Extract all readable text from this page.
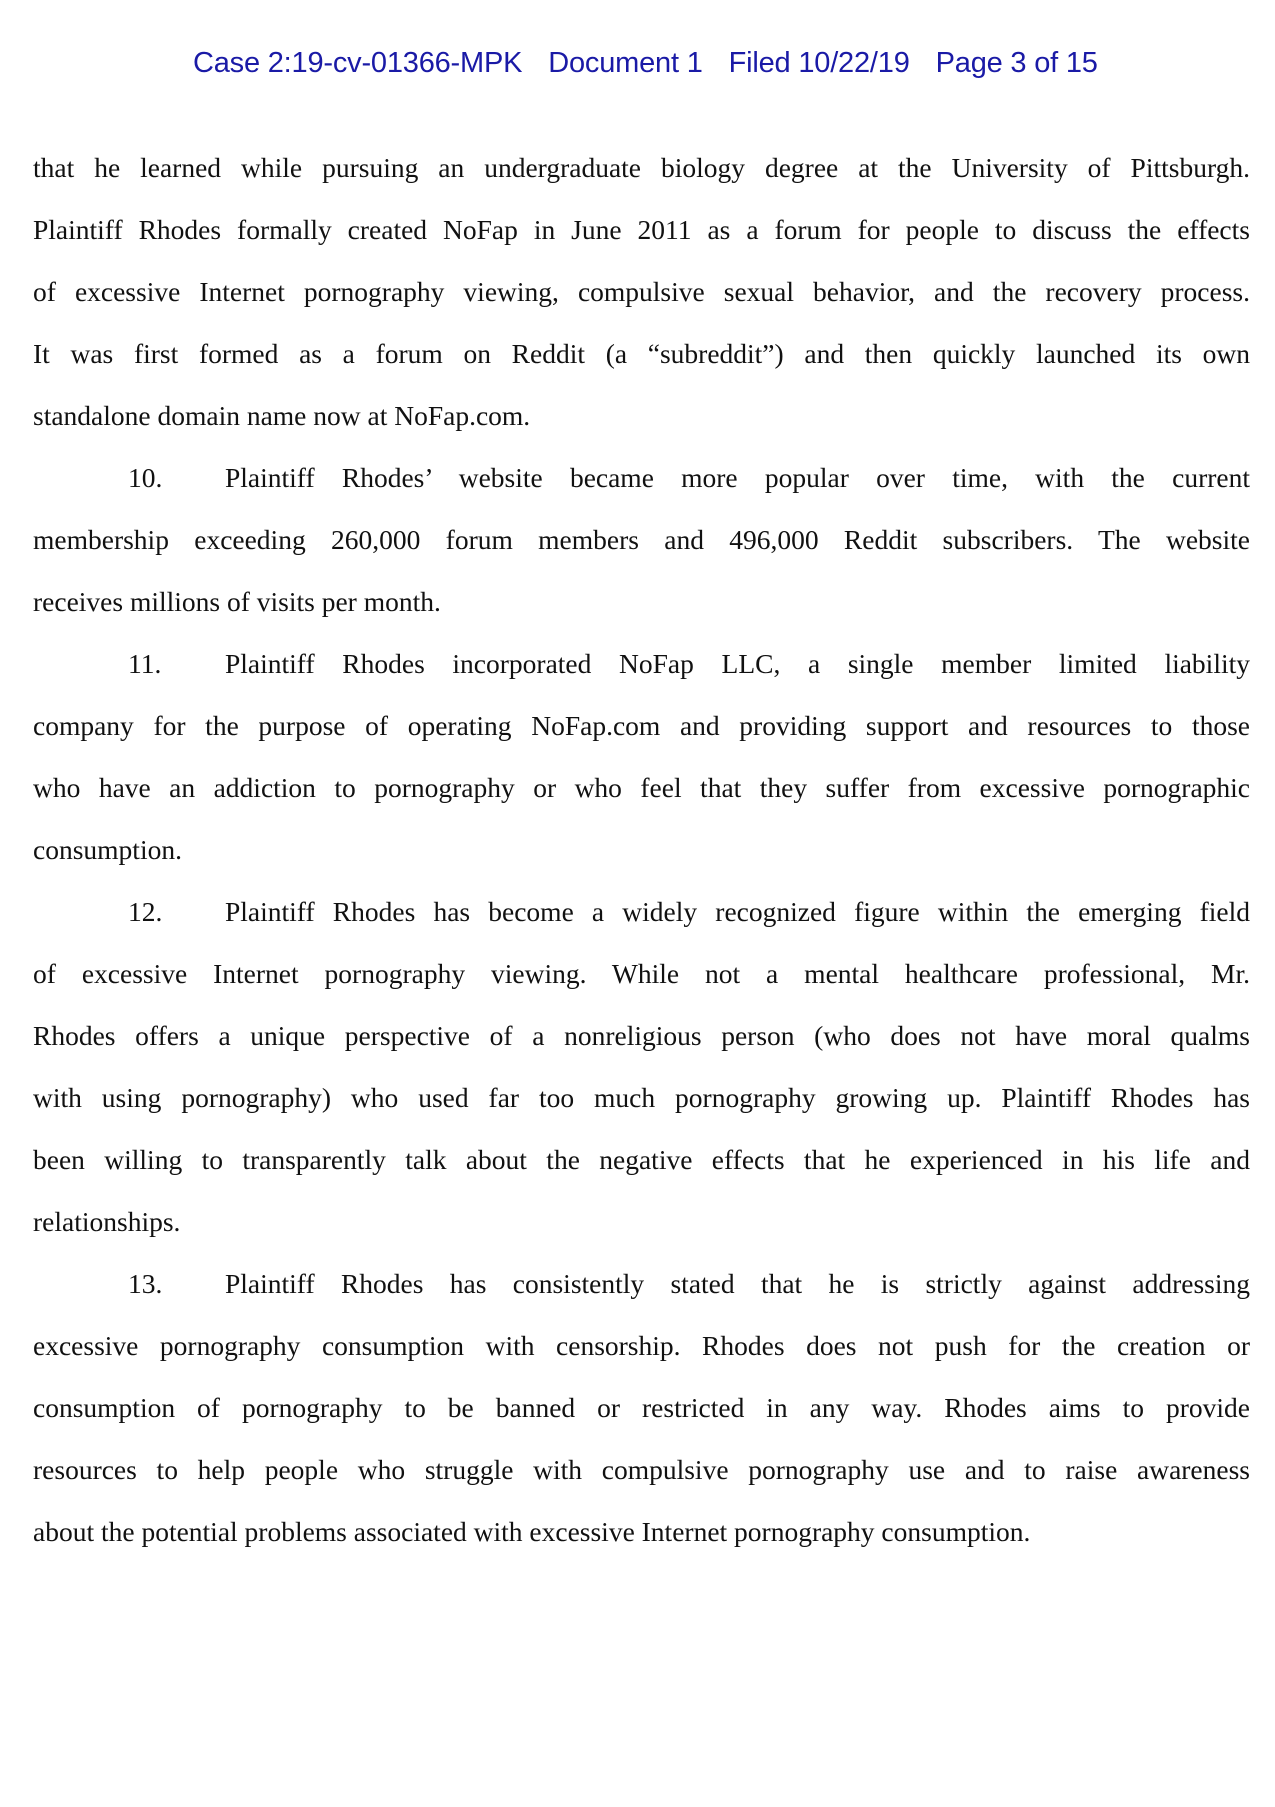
Case 2:19-cv-01366-MPK Document 1 Filed 10/22/19 Page 3 of 15

that he learned while pursuing an undergraduate biology degree at the University of Pittsburgh.
Plaintiff Rhodes formally created NoFap in June 2011 as a forum for people to discuss the effects
of excessive Internet pornography viewing, compulsive sexual behavior, and the recovery process.
It was first formed as a forum on Reddit (a “subreddit”) and then quickly launched its own
standalone domain name now at NoFap.com.
10.	Plaintiff Rhodes’ website became more popular over time, with the current
membership exceeding 260,000 forum members and 496,000 Reddit subscribers. The website
receives millions of visits per month.
11.	Plaintiff Rhodes incorporated NoFap LLC, a single member limited liability
company for the purpose of operating NoFap.com and providing support and resources to those
who have an addiction to pornography or who feel that they suffer from excessive pornographic
consumption.
12.	Plaintiff Rhodes has become a widely recognized figure within the emerging field
of excessive Internet pornography viewing. While not a mental healthcare professional, Mr.
Rhodes offers a unique perspective of a nonreligious person (who does not have moral qualms
with using pornography) who used far too much pornography growing up. Plaintiff Rhodes has
been willing to transparently talk about the negative effects that he experienced in his life and
relationships.
13.	Plaintiff Rhodes has consistently stated that he is strictly against addressing
excessive pornography consumption with censorship. Rhodes does not push for the creation or
consumption of pornography to be banned or restricted in any way. Rhodes aims to provide
resources to help people who struggle with compulsive pornography use and to raise awareness
about the potential problems associated with excessive Internet pornography consumption.
